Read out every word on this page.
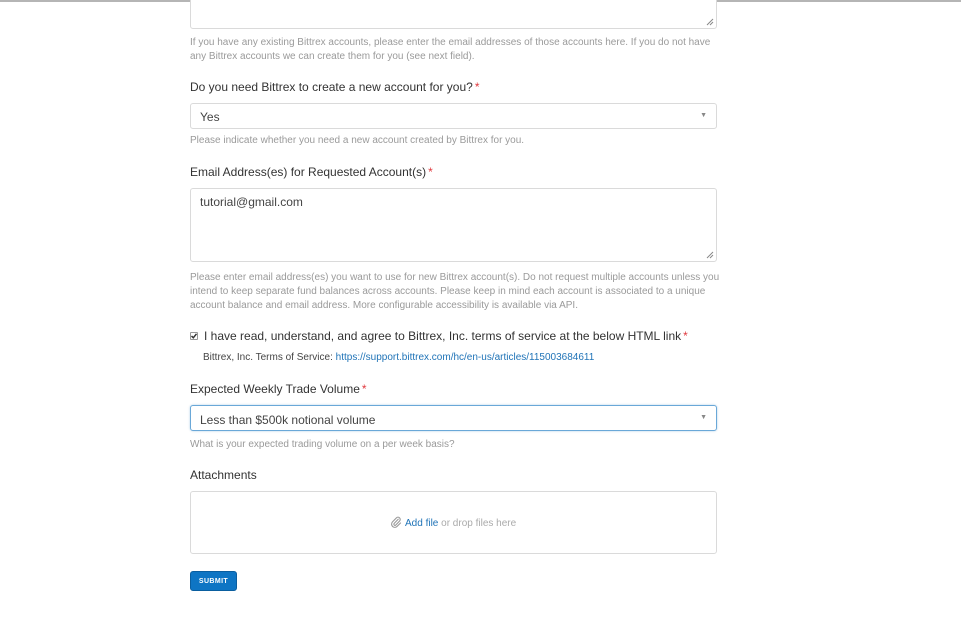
If you have any existing Bittrex accounts, please enter the email addresses of those accounts here. If you do not have any Bittrex accounts we can create them for you (see next field).
Do you need Bittrex to create a new account for you? *
Yes	▼
Please indicate whether you need a new account created by Bittrex for you.
Email Address(es) for Requested Account(s) *
tutorial@gmail.com
Please enter email address(es) you want to use for new Bittrex account(s). Do not request multiple accounts unless you intend to keep separate fund balances across accounts. Please keep in mind each account is associated to a unique account balance and email address. More configurable accessibility is available via API.
I have read, understand, and agree to Bittrex, Inc. terms of service at the below HTML link *
Bittrex, Inc. Terms of Service: https://support.bittrex.com/hc/en-us/articles/115003684611
Expected Weekly Trade Volume *
Less than $500k notional volume	▼
What is your expected trading volume on a per week basis?
Attachments
Add file or drop files here
SUBMIT
